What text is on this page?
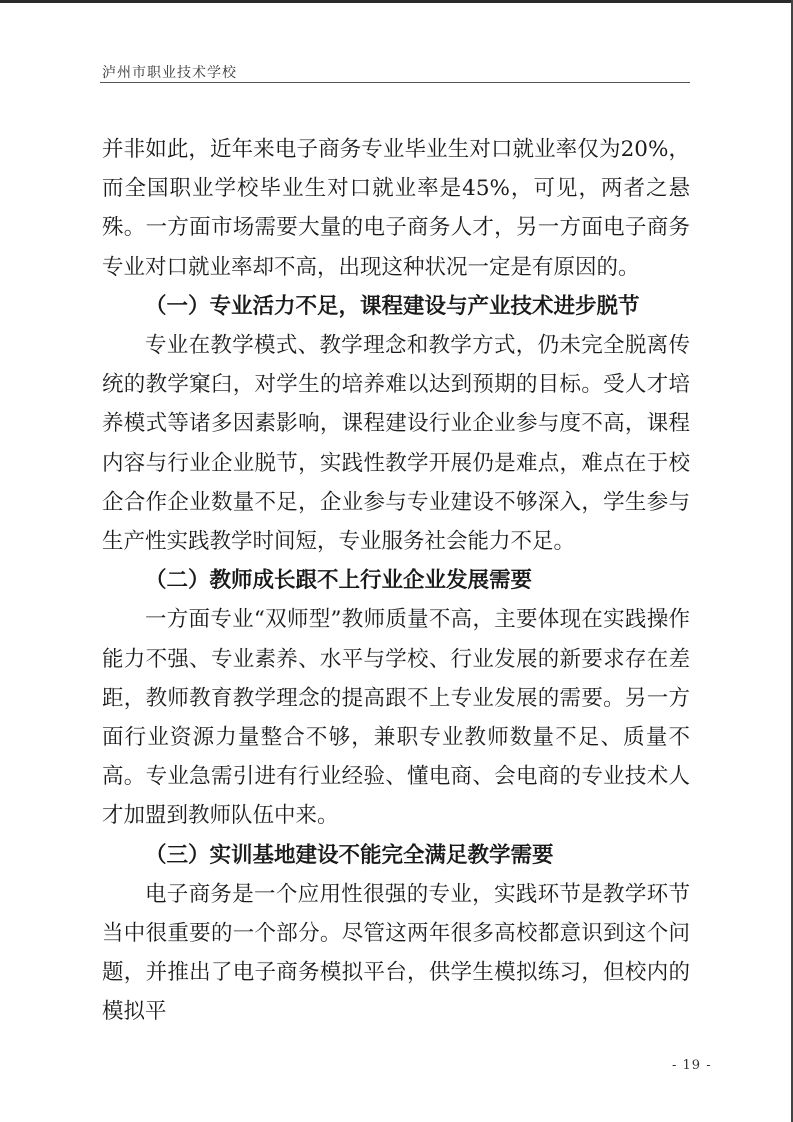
泸州市职业技术学校

并非如此，近年来电子商务专业毕业生对口就业率仅为20%，而全国职业学校毕业生对口就业率是45%，可见，两者之悬殊。一方面市场需要大量的电子商务人才，另一方面电子商务专业对口就业率却不高，出现这种状况一定是有原因的。

（一）专业活力不足，课程建设与产业技术进步脱节

专业在教学模式、教学理念和教学方式，仍未完全脱离传统的教学窠臼，对学生的培养难以达到预期的目标。受人才培养模式等诸多因素影响，课程建设行业企业参与度不高，课程内容与行业企业脱节，实践性教学开展仍是难点，难点在于校企合作企业数量不足，企业参与专业建设不够深入，学生参与生产性实践教学时间短，专业服务社会能力不足。

（二）教师成长跟不上行业企业发展需要

一方面专业“双师型”教师质量不高，主要体现在实践操作能力不强、专业素养、水平与学校、行业发展的新要求存在差距，教师教育教学理念的提高跟不上专业发展的需要。另一方面行业资源力量整合不够，兼职专业教师数量不足、质量不高。专业急需引进有行业经验、懂电商、会电商的专业技术人才加盟到教师队伍中来。

（三）实训基地建设不能完全满足教学需要

电子商务是一个应用性很强的专业，实践环节是教学环节当中很重要的一个部分。尽管这两年很多高校都意识到这个问题，并推出了电子商务模拟平台，供学生模拟练习，但校内的模拟平

- 19 -
